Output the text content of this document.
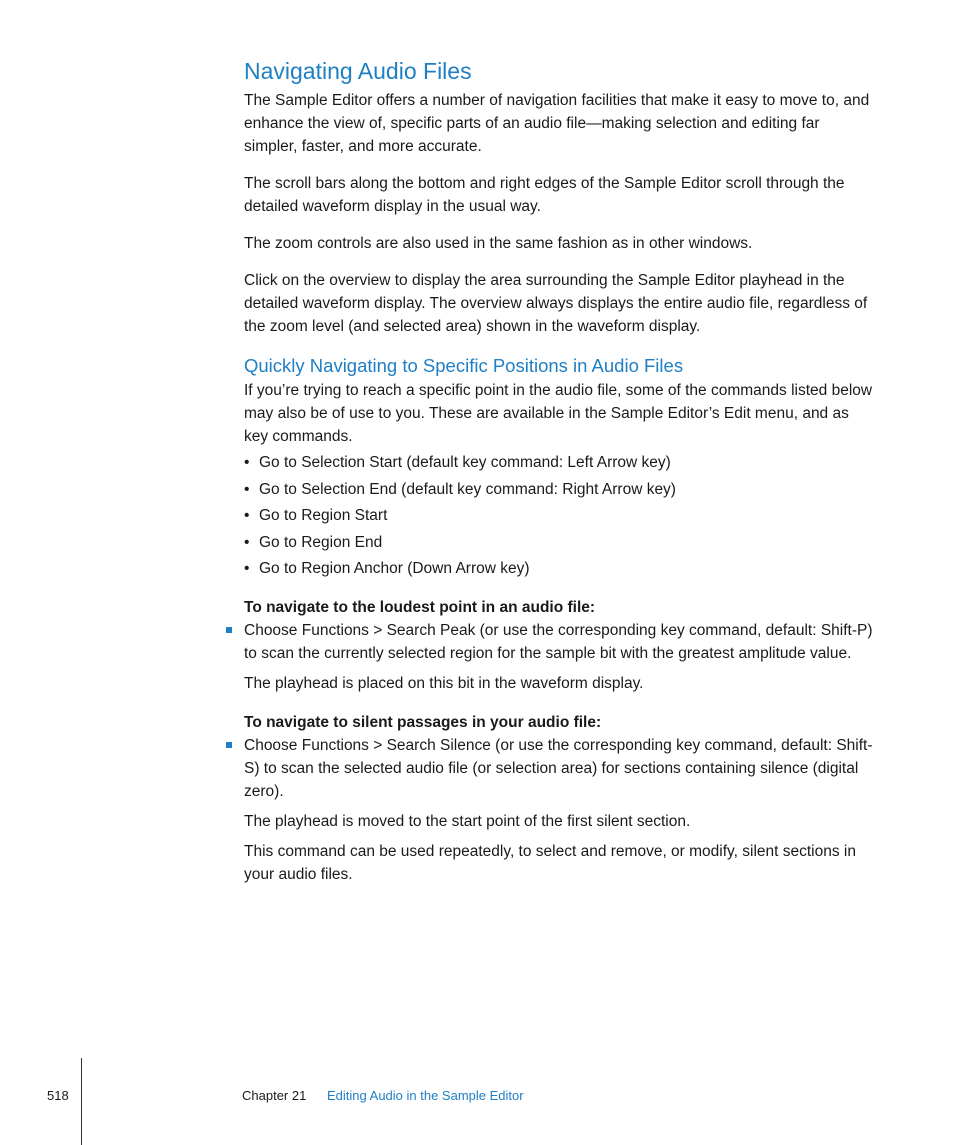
Navigating Audio Files

The Sample Editor offers a number of navigation facilities that make it easy to move to, and enhance the view of, specific parts of an audio file—making selection and editing far simpler, faster, and more accurate.

The scroll bars along the bottom and right edges of the Sample Editor scroll through the detailed waveform display in the usual way.

The zoom controls are also used in the same fashion as in other windows.

Click on the overview to display the area surrounding the Sample Editor playhead in the detailed waveform display. The overview always displays the entire audio file, regardless of the zoom level (and selected area) shown in the waveform display.

Quickly Navigating to Specific Positions in Audio Files

If you’re trying to reach a specific point in the audio file, some of the commands listed below may also be of use to you. These are available in the Sample Editor’s Edit menu, and as key commands.

• Go to Selection Start (default key command: Left Arrow key)
• Go to Selection End (default key command: Right Arrow key)
• Go to Region Start
• Go to Region End
• Go to Region Anchor (Down Arrow key)

To navigate to the loudest point in an audio file:

Choose Functions > Search Peak (or use the corresponding key command, default: Shift-P) to scan the currently selected region for the sample bit with the greatest amplitude value.

The playhead is placed on this bit in the waveform display.

To navigate to silent passages in your audio file:

Choose Functions > Search Silence (or use the corresponding key command, default: Shift-S) to scan the selected audio file (or selection area) for sections containing silence (digital zero).

The playhead is moved to the start point of the first silent section.

This command can be used repeatedly, to select and remove, or modify, silent sections in your audio files.

518	Chapter 21 Editing Audio in the Sample Editor
